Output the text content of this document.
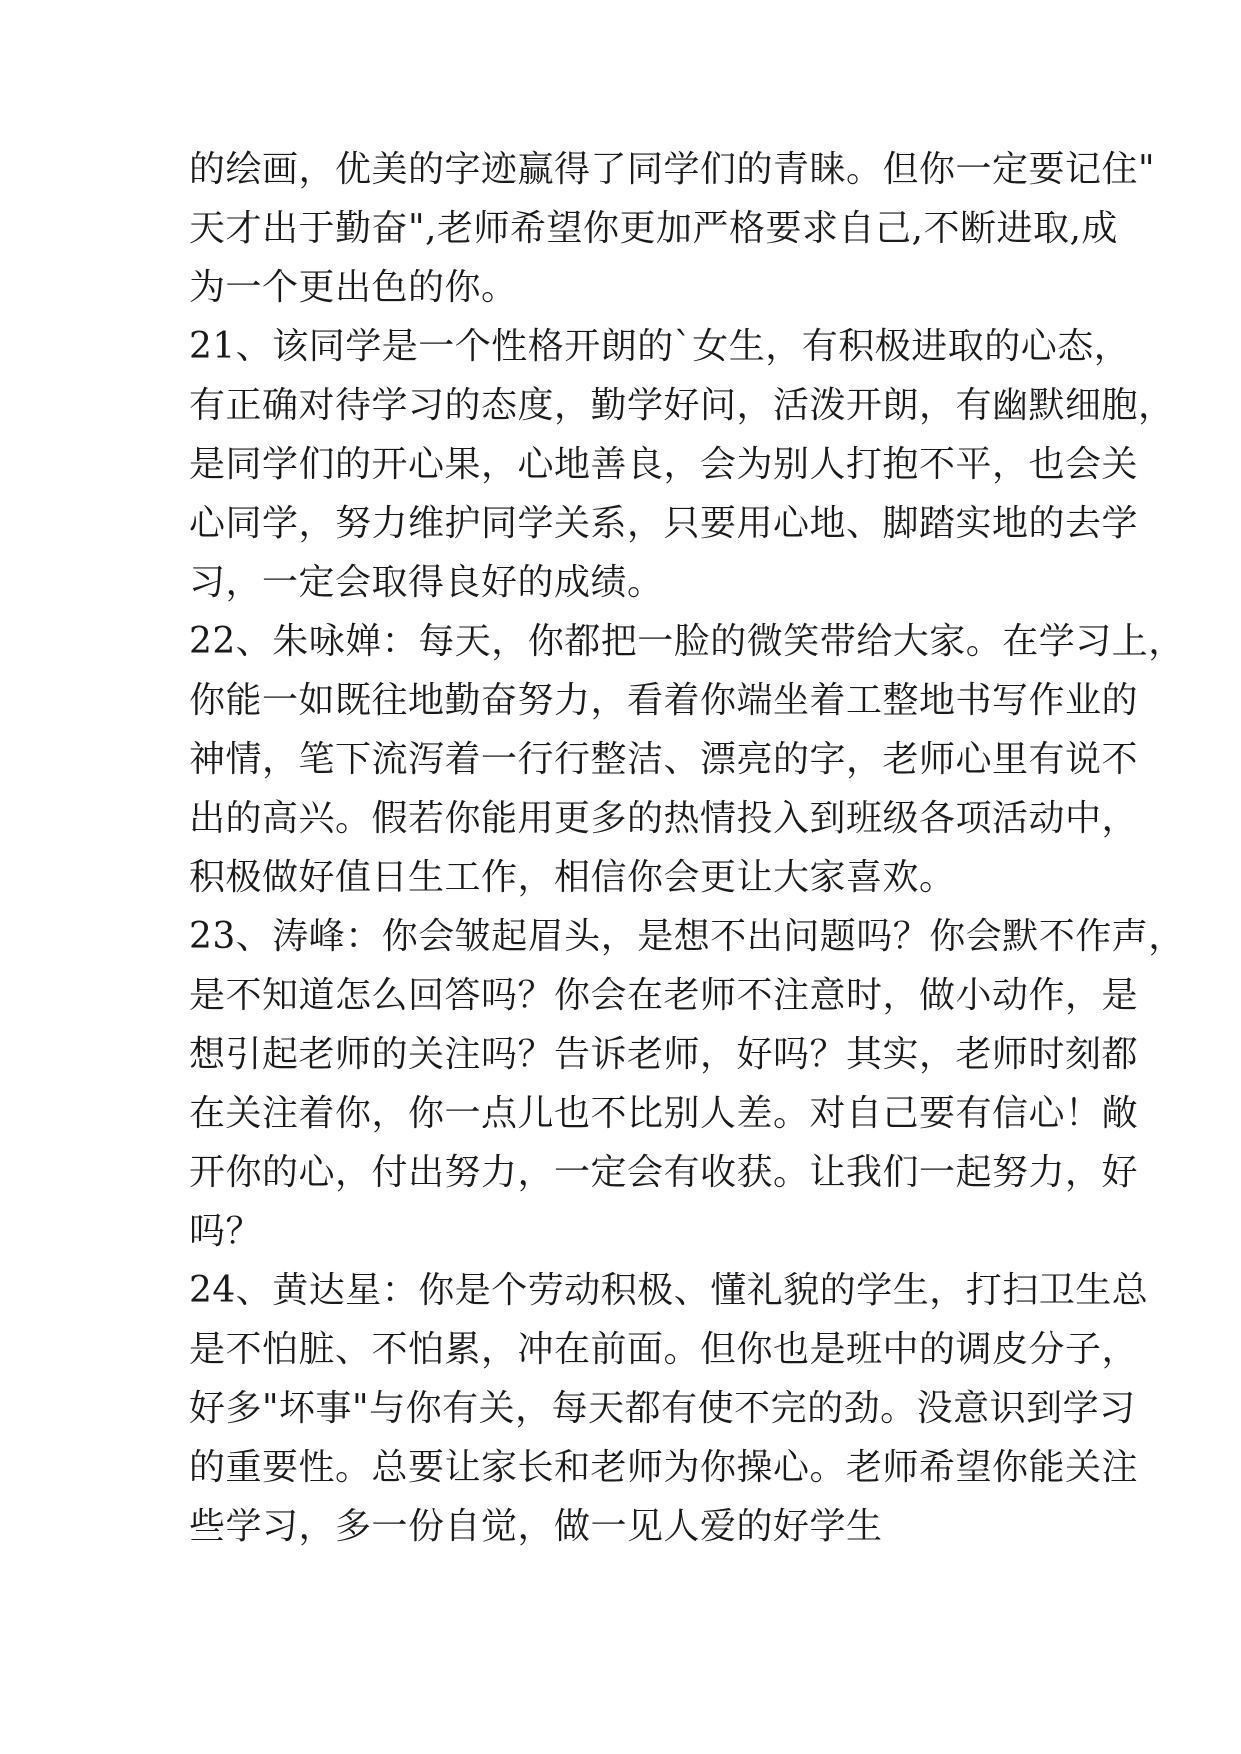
的绘画，优美的字迹赢得了同学们的青睐。但你一定要记住"
天才出于勤奋",老师希望你更加严格要求自己,不断进取,成
为一个更出色的你。
21、该同学是一个性格开朗的`女生，有积极进取的心态，
有正确对待学习的态度，勤学好问，活泼开朗，有幽默细胞，
是同学们的开心果，心地善良，会为别人打抱不平，也会关
心同学，努力维护同学关系，只要用心地、脚踏实地的去学
习，一定会取得良好的成绩。
22、朱咏婵：每天，你都把一脸的微笑带给大家。在学习上，
你能一如既往地勤奋努力，看着你端坐着工整地书写作业的
神情，笔下流泻着一行行整洁、漂亮的字，老师心里有说不
出的高兴。假若你能用更多的热情投入到班级各项活动中，
积极做好值日生工作，相信你会更让大家喜欢。
23、涛峰：你会皱起眉头，是想不出问题吗？你会默不作声，
是不知道怎么回答吗？你会在老师不注意时，做小动作，是
想引起老师的关注吗？告诉老师，好吗？其实，老师时刻都
在关注着你，你一点儿也不比别人差。对自己要有信心！敞
开你的心，付出努力，一定会有收获。让我们一起努力，好
吗？
24、黄达星：你是个劳动积极、懂礼貌的学生，打扫卫生总
是不怕脏、不怕累，冲在前面。但你也是班中的调皮分子，
好多"坏事"与你有关，每天都有使不完的劲。没意识到学习
的重要性。总要让家长和老师为你操心。老师希望你能关注
些学习，多一份自觉，做一见人爱的好学生
